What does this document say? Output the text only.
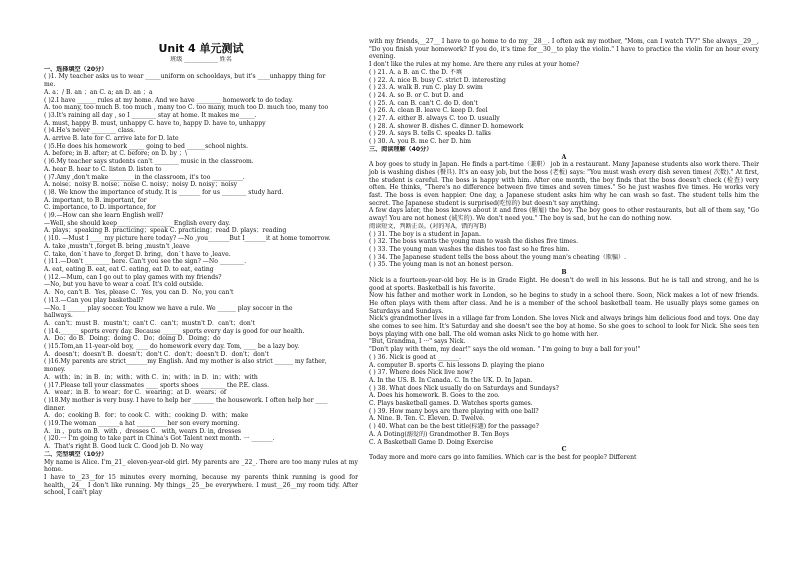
Unit 4 单元测试
班级 ___________ 姓名
一、选择填空（20分）
( )1. My teacher asks us to wear _____uniform on schooldays, but it's ____unhappy thing for
me.
A. a；/ B. an ；an C. a; an D. an ；a
( )2.I have ______ rules at my home. And we have ________ homework to do today.
A. too many, too much B. too much , many too C. too many, much too D. much too, many too
( )3.It's raining all day , so I ________ stay at home. It makes me_____.
A. must, happy B. must, unhappy C. have to, happy D. have to, unhappy
( )4.He's never ________ class.
A. arrive B. late for C. arrive late for D. late
( )5.He does his homework _____ going to bed ______school nights.
A. before; in B. after; at C. before; on D. by ；\
( )6.My teacher says students can't ________ music in the classroom.
A. hear B. hear to C. listen D. listen to
( )7.Amy ,don't make ________in the classroom, it's too __________.
A. noise；noisy B. noise；noise C. noisy；noisy D. noisy；noisy
( )8. We know the importance of study. It is _______ for us ________ study hard.
A. important, to B. important, for
C. importance, to D. importance, for
( )9.—How can she learn English well?
—Well, she should keep__________________ English every day.
A. plays；speaking B. practicing；speak C. practicing；read D. plays；reading
( )10. —Must I ____ my picture here today? —No ,you_______But I_______it at home tomorrow.
A. take ,mustn't ,forget B. bring ,mustn't ,leave
C. take, don`t have to ,forget D. bring，don`t have to ,leave.
( )11.—Don't ________ here. Can't you see the sign? —No ________.
A. eat, eating B. eat, eat C. eating, eat D. to eat, eating
( )12.—Mum, can I go out to play games with my friends?
—No, but you have to wear a coat. It's cold outside.
A．No, can't B．Yes, please C．Yes, you can D．No, you can't
( )13.—Can you play basketball?
—No. I ______ play soccer. You know we have a rule. We ______ play soccer in the
hallways.
A．can't；must B．mustn't；can't C．can't；mustn't D．can't；don't
( )14.______ sports every day. Because ______ sports every day is good for our health.
A．Do；do B．Doing；doing C．Do；doing D．Doing；do
( )15.Tom,an 11-year-old boy, ____ do homework every day. Tom, ____ be a lazy boy.
A．doesn't；doesn't B．doesn't；don't C．don't；doesn't D．don't；don't
( )16.My parents are strict_______my English. And my mother is also strict ______ my father，
money.
A．with；in；in B．in；with；with C．in；with；in D．in；with；with
( )17.Please tell your classmates ____ sports shoes ________ the P.E. class.
A．wear；in B．to wear；for C．wearing；at D．wears；of
( )18.My mother is very busy. I have to help her _______ the housework. I often help her ____
dinner.
A．do；cooking B．for；to cook C．with；cooking D．with；make
( )19.The woman _______a hat __________her son every morning.
A．in ，puts on B．with ，dresses C．with, wears D. in, dresses
( )20.一 I'm going to take part in China's Got Talent next month. 一 _______.
A．That's right B. Good luck C. Good job D. No way
二、完型填空（10分）
My name is Alice. I'm_21_ eleven-year-old girl. My parents are _22_. There are too many rules at my home.
I have to__23__for 15 minutes every morning, because my parents think running is good for health,__24__ I don't like running. My things__25__be everywhere. I must__26__my room tidy. After school, I can't play
with my friends,__27__ I have to go home to do my__28__. I often ask my mother, "Mom, can I watch TV?" She always__29__, "Do you finish your homework? If you do, it's time for__30__to play the violin." I have to practice the violin for an hour every evening.
I don't like the rules at my home. Are there any rules at your home?
( ) 21. A. a B. an C. the D. 不填
( ) 22. A. nice B. busy C. strict D. interesting
( ) 23. A. walk B. run C. play D. swim
( ) 24. A. so B. or C. but D. and
( ) 25. A. can B. can't C. do D. don't
( ) 26. A. clean B. leave C. keep D. feel
( ) 27. A. either B. always C. too D. usually
( ) 28. A. shower B. dishes C. dinner D. homework
( ) 29. A. says B. tells C. speaks D. talks
( ) 30. A. you B. me C. her D. him
三、阅读理解（40分）
A
A boy goes to study in Japan. He finds a part-time（兼职） job in a restaurant. Many Japanese students also work there. Their job is washing dishes (餐具). It's an easy job, but the boss (老板) says: "You must wash every dish seven times( 次数)." At first, the student is careful. The boss is happy with him. After one month, the boy finds that the boss doesn't check (检查) very often. He thinks, "There's no difference between five times and seven times." So he just washes five times. He works very fast. The boss is even happier. One day, a Japanese student asks him why he can wash so fast. The student tells him the secret. The Japanese student is surprised(吃惊的) but doesn't say anything.
A few days later, the boss knows about it and fires (解雇) the boy. The boy goes to other restaurants, but all of them say, "Go away! You are not honest (诚实的). We don't need you." The boy is sad, but he can do nothing now.
阅读短文，判断正误。(对的写A，错的写B)
( ) 31. The boy is a student in Japan.
( ) 32. The boss wants the young man to wash the dishes five times.
( ) 33. The young man washes the dishes too fast so he fires him.
( ) 34. The Japanese student tells the boss about the young man's cheating（欺骗）.
( ) 35. The young man is not an honest person.
B
Nick is a fourteen-year-old boy. He is in Grade Eight. He doesn't do well in his lessons. But he is tall and strong, and he is good at sports. Basketball is his favorite.
Now his father and mother work in London, so he begins to study in a school there. Soon, Nick makes a lot of new friends. He often plays with them after class. And he is a member of the school basketball team. He usually plays some games on Saturdays and Sundays.
Nick's grandmother lives in a village far from London. She loves Nick and always brings him delicious food and toys. One day she comes to see him. It's Saturday and she doesn't see the boy at home. So she goes to school to look for Nick. She sees ten boys playing with one ball. The old woman asks Nick to go home with her.
"But, Grandma, I ···" says Nick.
"Don't play with them, my dear!" says the old woman. " I'm going to buy a ball for you!"
( ) 36. Nick is good at _______.
A. computer B. sports C. his lessons D. playing the piano
( ) 37. Where does Nick live now?
A. In the US. B. In Canada. C. In the UK. D. In Japan.
( ) 38. What does Nick usually do on Saturdays and Sundays?
A. Does his homework. B. Goes to the zoo.
C. Plays basketball games. D. Watches sports games.
( ) 39. How many boys are there playing with one ball?
A. Nine. B. Ten. C. Eleven. D. Twelve.
( ) 40. What can be the best title(标题) for the passage?
A. A Doting(溺爱的) Grandmother B. Ten Boys
C. A Basketball Game D. Doing Exercise
C
Today more and more cars go into families. Which car is the best for people? Different
